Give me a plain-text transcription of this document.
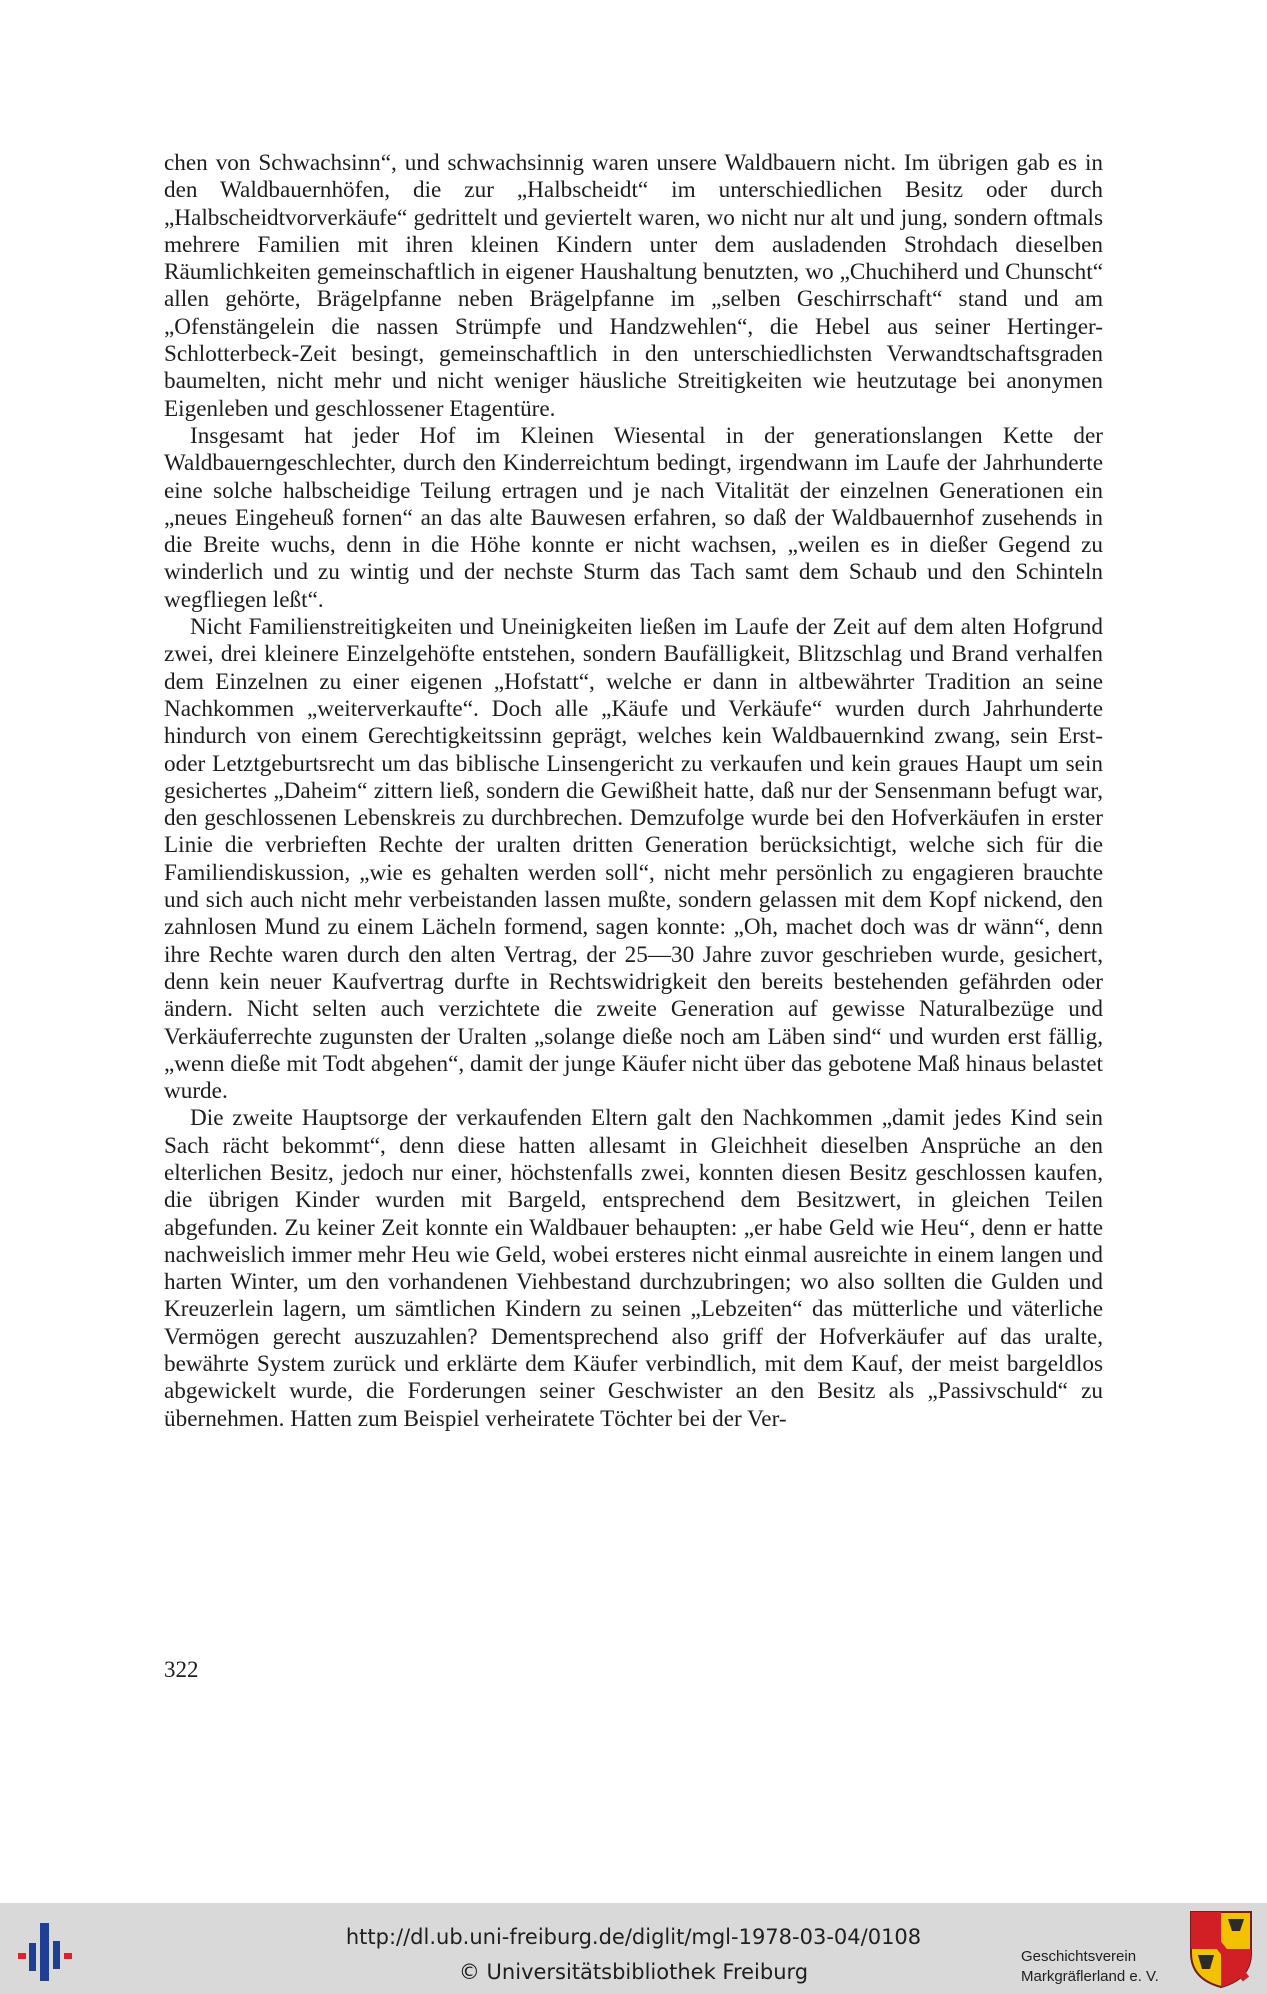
chen von Schwachsinn“, und schwachsinnig waren unsere Waldbauern nicht. Im übrigen gab es in den Waldbauernhöfen, die zur „Halbscheidt“ im unterschiedlichen Besitz oder durch „Halbscheidtvorverkäufe“ gedrittelt und geviertelt waren, wo nicht nur alt und jung, sondern oftmals mehrere Familien mit ihren kleinen Kindern unter dem ausladenden Strohdach dieselben Räumlichkeiten gemeinschaftlich in eigener Haushaltung benutzten, wo „Chuchiherd und Chunscht“ allen gehörte, Brägelpfanne neben Brägelpfanne im „selben Geschirrschaft“ stand und am „Ofenstängelein die nassen Strümpfe und Handzwehlen“, die Hebel aus seiner Hertinger-Schlotterbeck-Zeit besingt, gemeinschaftlich in den unterschiedlichsten Verwandtschaftsgraden baumelten, nicht mehr und nicht weniger häusliche Streitigkeiten wie heutzutage bei anonymen Eigenleben und geschlossener Etagentüre.

Insgesamt hat jeder Hof im Kleinen Wiesental in der generationslangen Kette der Waldbauerngeschlechter, durch den Kinderreichtum bedingt, irgendwann im Laufe der Jahrhunderte eine solche halbscheidige Teilung ertragen und je nach Vitalität der einzelnen Generationen ein „neues Eingeheuß fornen“ an das alte Bauwesen erfahren, so daß der Waldbauernhof zusehends in die Breite wuchs, denn in die Höhe konnte er nicht wachsen, „weilen es in dießer Gegend zu winderlich und zu wintig und der nechste Sturm das Tach samt dem Schaub und den Schinteln wegfliegen leßt“.

Nicht Familienstreitigkeiten und Uneinigkeiten ließen im Laufe der Zeit auf dem alten Hofgrund zwei, drei kleinere Einzelgehöfte entstehen, sondern Baufälligkeit, Blitzschlag und Brand verhalfen dem Einzelnen zu einer eigenen „Hofstatt“, welche er dann in altbewährter Tradition an seine Nachkommen „weiterverkaufte“. Doch alle „Käufe und Verkäufe“ wurden durch Jahrhunderte hindurch von einem Gerechtigkeitssinn geprägt, welches kein Waldbauernkind zwang, sein Erst- oder Letztgeburtsrecht um das biblische Linsengericht zu verkaufen und kein graues Haupt um sein gesichertes „Daheim“ zittern ließ, sondern die Gewißheit hatte, daß nur der Sensenmann befugt war, den geschlossenen Lebenskreis zu durchbrechen. Demzufolge wurde bei den Hofverkäufen in erster Linie die verbrieften Rechte der uralten dritten Generation berücksichtigt, welche sich für die Familiendiskussion, „wie es gehalten werden soll“, nicht mehr persönlich zu engagieren brauchte und sich auch nicht mehr verbeistanden lassen mußte, sondern gelassen mit dem Kopf nickend, den zahnlosen Mund zu einem Lächeln formend, sagen konnte: „Oh, machet doch was dr wänn“, denn ihre Rechte waren durch den alten Vertrag, der 25—30 Jahre zuvor geschrieben wurde, gesichert, denn kein neuer Kaufvertrag durfte in Rechtswidrigkeit den bereits bestehenden gefährden oder ändern. Nicht selten auch verzichtete die zweite Generation auf gewisse Naturalbezüge und Verkäuferrechte zugunsten der Uralten „solange dieße noch am Läben sind“ und wurden erst fällig, „wenn dieße mit Todt abgehen“, damit der junge Käufer nicht über das gebotene Maß hinaus belastet wurde.

Die zweite Hauptsorge der verkaufenden Eltern galt den Nachkommen „damit jedes Kind sein Sach rächt bekommt“, denn diese hatten allesamt in Gleichheit dieselben Ansprüche an den elterlichen Besitz, jedoch nur einer, höchstenfalls zwei, konnten diesen Besitz geschlossen kaufen, die übrigen Kinder wurden mit Bargeld, entsprechend dem Besitzwert, in gleichen Teilen abgefunden. Zu keiner Zeit konnte ein Waldbauer behaupten: „er habe Geld wie Heu“, denn er hatte nachweislich immer mehr Heu wie Geld, wobei ersteres nicht einmal ausreichte in einem langen und harten Winter, um den vorhandenen Viehbestand durchzubringen; wo also sollten die Gulden und Kreuzerlein lagern, um sämtlichen Kindern zu seinen „Lebzeiten“ das mütterliche und väterliche Vermögen gerecht auszuzahlen? Dementsprechend also griff der Hofverkäufer auf das uralte, bewährte System zurück und erklärte dem Käufer verbindlich, mit dem Kauf, der meist bargeldlos abgewickelt wurde, die Forderungen seiner Geschwister an den Besitz als „Passivschuld“ zu übernehmen. Hatten zum Beispiel verheiratete Töchter bei der Ver-

322
http://dl.ub.uni-freiburg.de/diglit/mgl-1978-03-04/0108
© Universitätsbibliothek Freiburg
Geschichtsverein
Markgräflerland e. V.
